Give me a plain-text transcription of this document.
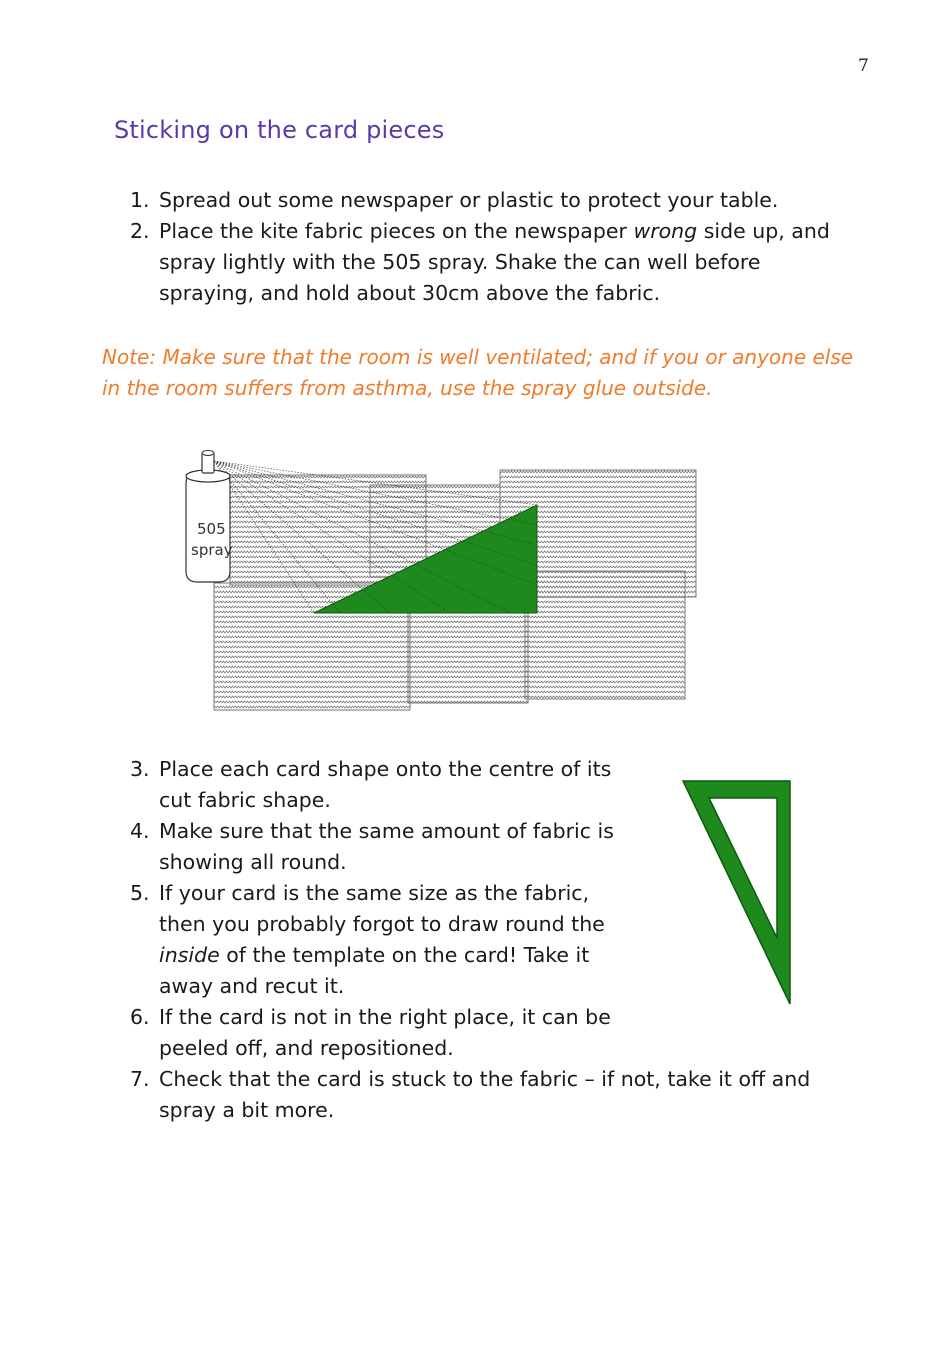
7
Sticking on the card pieces
1. Spread out some newspaper or plastic to protect your table.
2. Place the kite fabric pieces on the newspaper wrong side up, and spray lightly with the 505 spray. Shake the can well before spraying, and hold about 30cm above the fabric.
Note: Make sure that the room is well ventilated; and if you or anyone else in the room suffers from asthma, use the spray glue outside.
505
spray
3. Place each card shape onto the centre of its cut fabric shape.
4. Make sure that the same amount of fabric is showing all round.
5. If your card is the same size as the fabric, then you probably forgot to draw round the inside of the template on the card! Take it away and recut it.
6. If the card is not in the right place, it can be peeled off, and repositioned.
7. Check that the card is stuck to the fabric – if not, take it off and spray a bit more.
